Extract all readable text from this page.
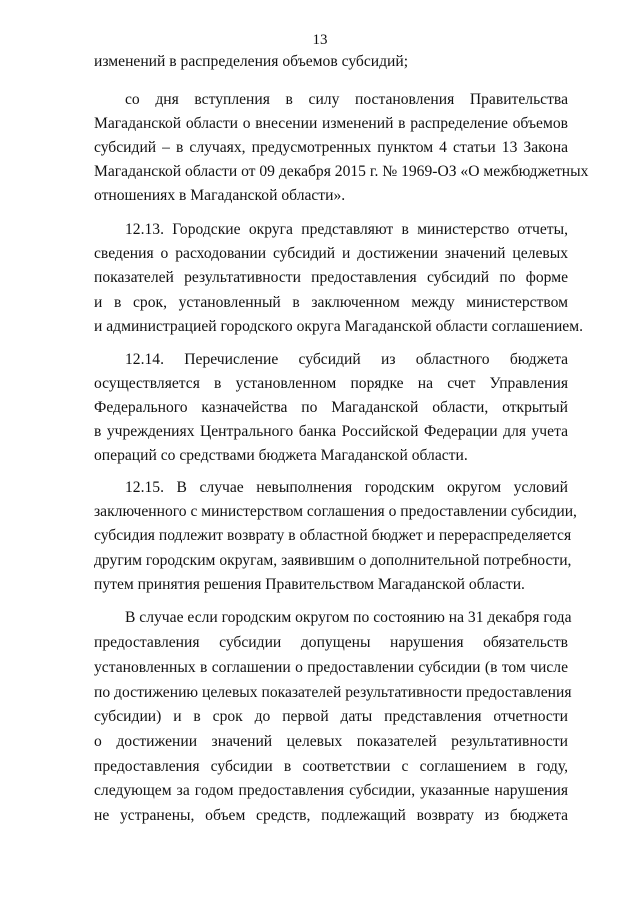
13
изменений в распределения объемов субсидий;
со дня вступления в силу постановления Правительства
Магаданской области о внесении изменений в распределение объемов
субсидий – в случаях, предусмотренных пунктом 4 статьи 13 Закона
Магаданской области от 09 декабря 2015 г. № 1969-ОЗ «О межбюджетных
отношениях в Магаданской области».
12.13. Городские округа представляют в министерство отчеты,
сведения о расходовании субсидий и достижении значений целевых
показателей результативности предоставления субсидий по форме
и в срок, установленный в заключенном между министерством
и администрацией городского округа Магаданской области соглашением.
12.14. Перечисление субсидий из областного бюджета
осуществляется в установленном порядке на счет Управления
Федерального казначейства по Магаданской области, открытый
в учреждениях Центрального банка Российской Федерации для учета
операций со средствами бюджета Магаданской области.
12.15. В случае невыполнения городским округом условий
заключенного с министерством соглашения о предоставлении субсидии,
субсидия подлежит возврату в областной бюджет и перераспределяется
другим городским округам, заявившим о дополнительной потребности,
путем принятия решения Правительством Магаданской области.
В случае если городским округом по состоянию на 31 декабря года
предоставления субсидии допущены нарушения обязательств
установленных в соглашении о предоставлении субсидии (в том числе
по достижению целевых показателей результативности предоставления
субсидии) и в срок до первой даты представления отчетности
о достижении значений целевых показателей результативности
предоставления субсидии в соответствии с соглашением в году,
следующем за годом предоставления субсидии, указанные нарушения
не устранены, объем средств, подлежащий возврату из бюджета
